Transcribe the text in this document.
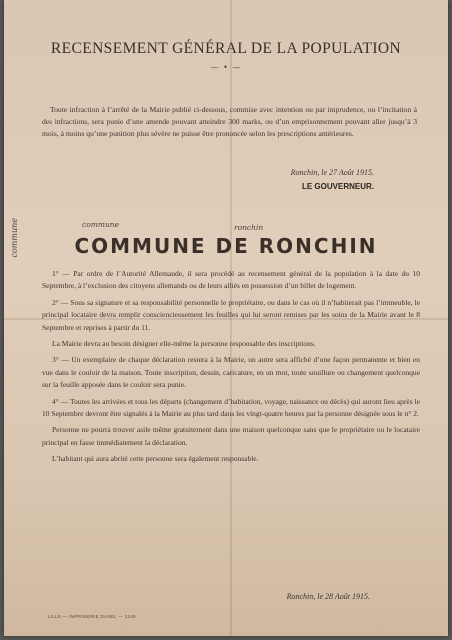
RECENSEMENT GÉNÉRAL DE LA POPULATION
— • —

Toute infraction à l’arrêté de la Mairie publié ci-dessous, commise avec intention ou par imprudence, ou l’incitation à des infractions, sera punie d’une amende pouvant atteindre 300 marks, ou d’un emprisonnement pouvant aller jusqu’à 3 mois, à moins qu’une punition plus sévère ne puisse être prononcée selon les prescriptions antérieures.

Ronchin, le 27 Août 1915.
LE GOUVERNEUR.
commune	ronchin
commune	COMMUNE DE RONCHIN

1° — Par ordre de l’Autorité Allemande, il sera procédé au recensement général de la population à la date du 10 Septembre, à l’exclusion des citoyens allemands ou de leurs alliés en possession d’un billet de logement.

2° — Sous sa signature et sa responsabilité personnelle le propriétaire, ou dans le cas où il n’habiterait pas l’immeuble, le principal locataire devra remplir consciencieusement les feuilles qui lui seront remises par les soins de la Mairie avant le 8 Septembre et reprises à partir du 11.

La Mairie devra au besoin désigner elle-même la personne responsable des inscriptions.

3° — Un exemplaire de chaque déclaration restera à la Mairie, un autre sera affiché d’une façon permanente et bien en vue dans le couloir de la maison. Toute inscription, dessin, caricature, en un mot, toute souillure ou changement quelconque sur la feuille apposée dans le couloir sera punie.

4° — Toutes les arrivées et tous les départs (changement d’habitation, voyage, naissance ou décès) qui auront lieu après le 10 Septembre devront être signalés à la Mairie au plus tard dans les vingt-quatre heures par la personne désignée sous le n° 2.

Personne ne pourra trouver asile même gratuitement dans une maison quelconque sans que le propriétaire ou le locataire principal en fasse immédiatement la déclaration.

L’habitant qui aura abrité cette personne sera également responsable.

Ronchin, le 28 Août 1915.
LILLE — IMPRIMERIE DANEL — 2149
